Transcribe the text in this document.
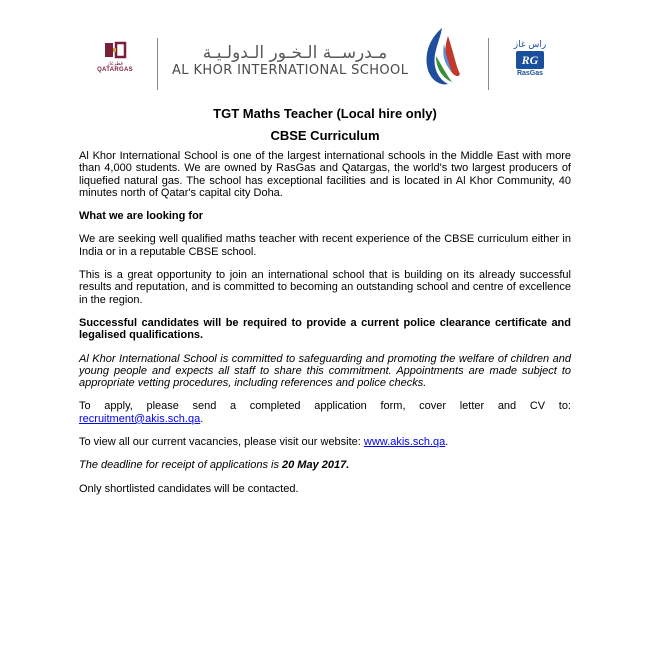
قطرغاز
QATARGAS
مـدرســة الـخـور الـدولـيـة
AL KHOR INTERNATIONAL SCHOOL
راس غاز
RG
RasGas
TGT Maths Teacher (Local hire only)
CBSE Curriculum

Al Khor International School is one of the largest international schools in the Middle East with more than 4,000 students. We are owned by RasGas and Qatargas, the world's two largest producers of liquefied natural gas. The school has exceptional facilities and is located in Al Khor Community, 40 minutes north of Qatar's capital city Doha.

What we are looking for

We are seeking well qualified maths teacher with recent experience of the CBSE curriculum either in India or in a reputable CBSE school.

This is a great opportunity to join an international school that is building on its already successful results and reputation, and is committed to becoming an outstanding school and centre of excellence in the region.

Successful candidates will be required to provide a current police clearance certificate and legalised qualifications.

Al Khor International School is committed to safeguarding and promoting the welfare of children and young people and expects all staff to share this commitment. Appointments are made subject to appropriate vetting procedures, including references and police checks.

To apply, please send a completed application form, cover letter and CV to: recruitment@akis.sch.qa.

To view all our current vacancies, please visit our website: www.akis.sch.qa.

The deadline for receipt of applications is 20 May 2017.

Only shortlisted candidates will be contacted.
